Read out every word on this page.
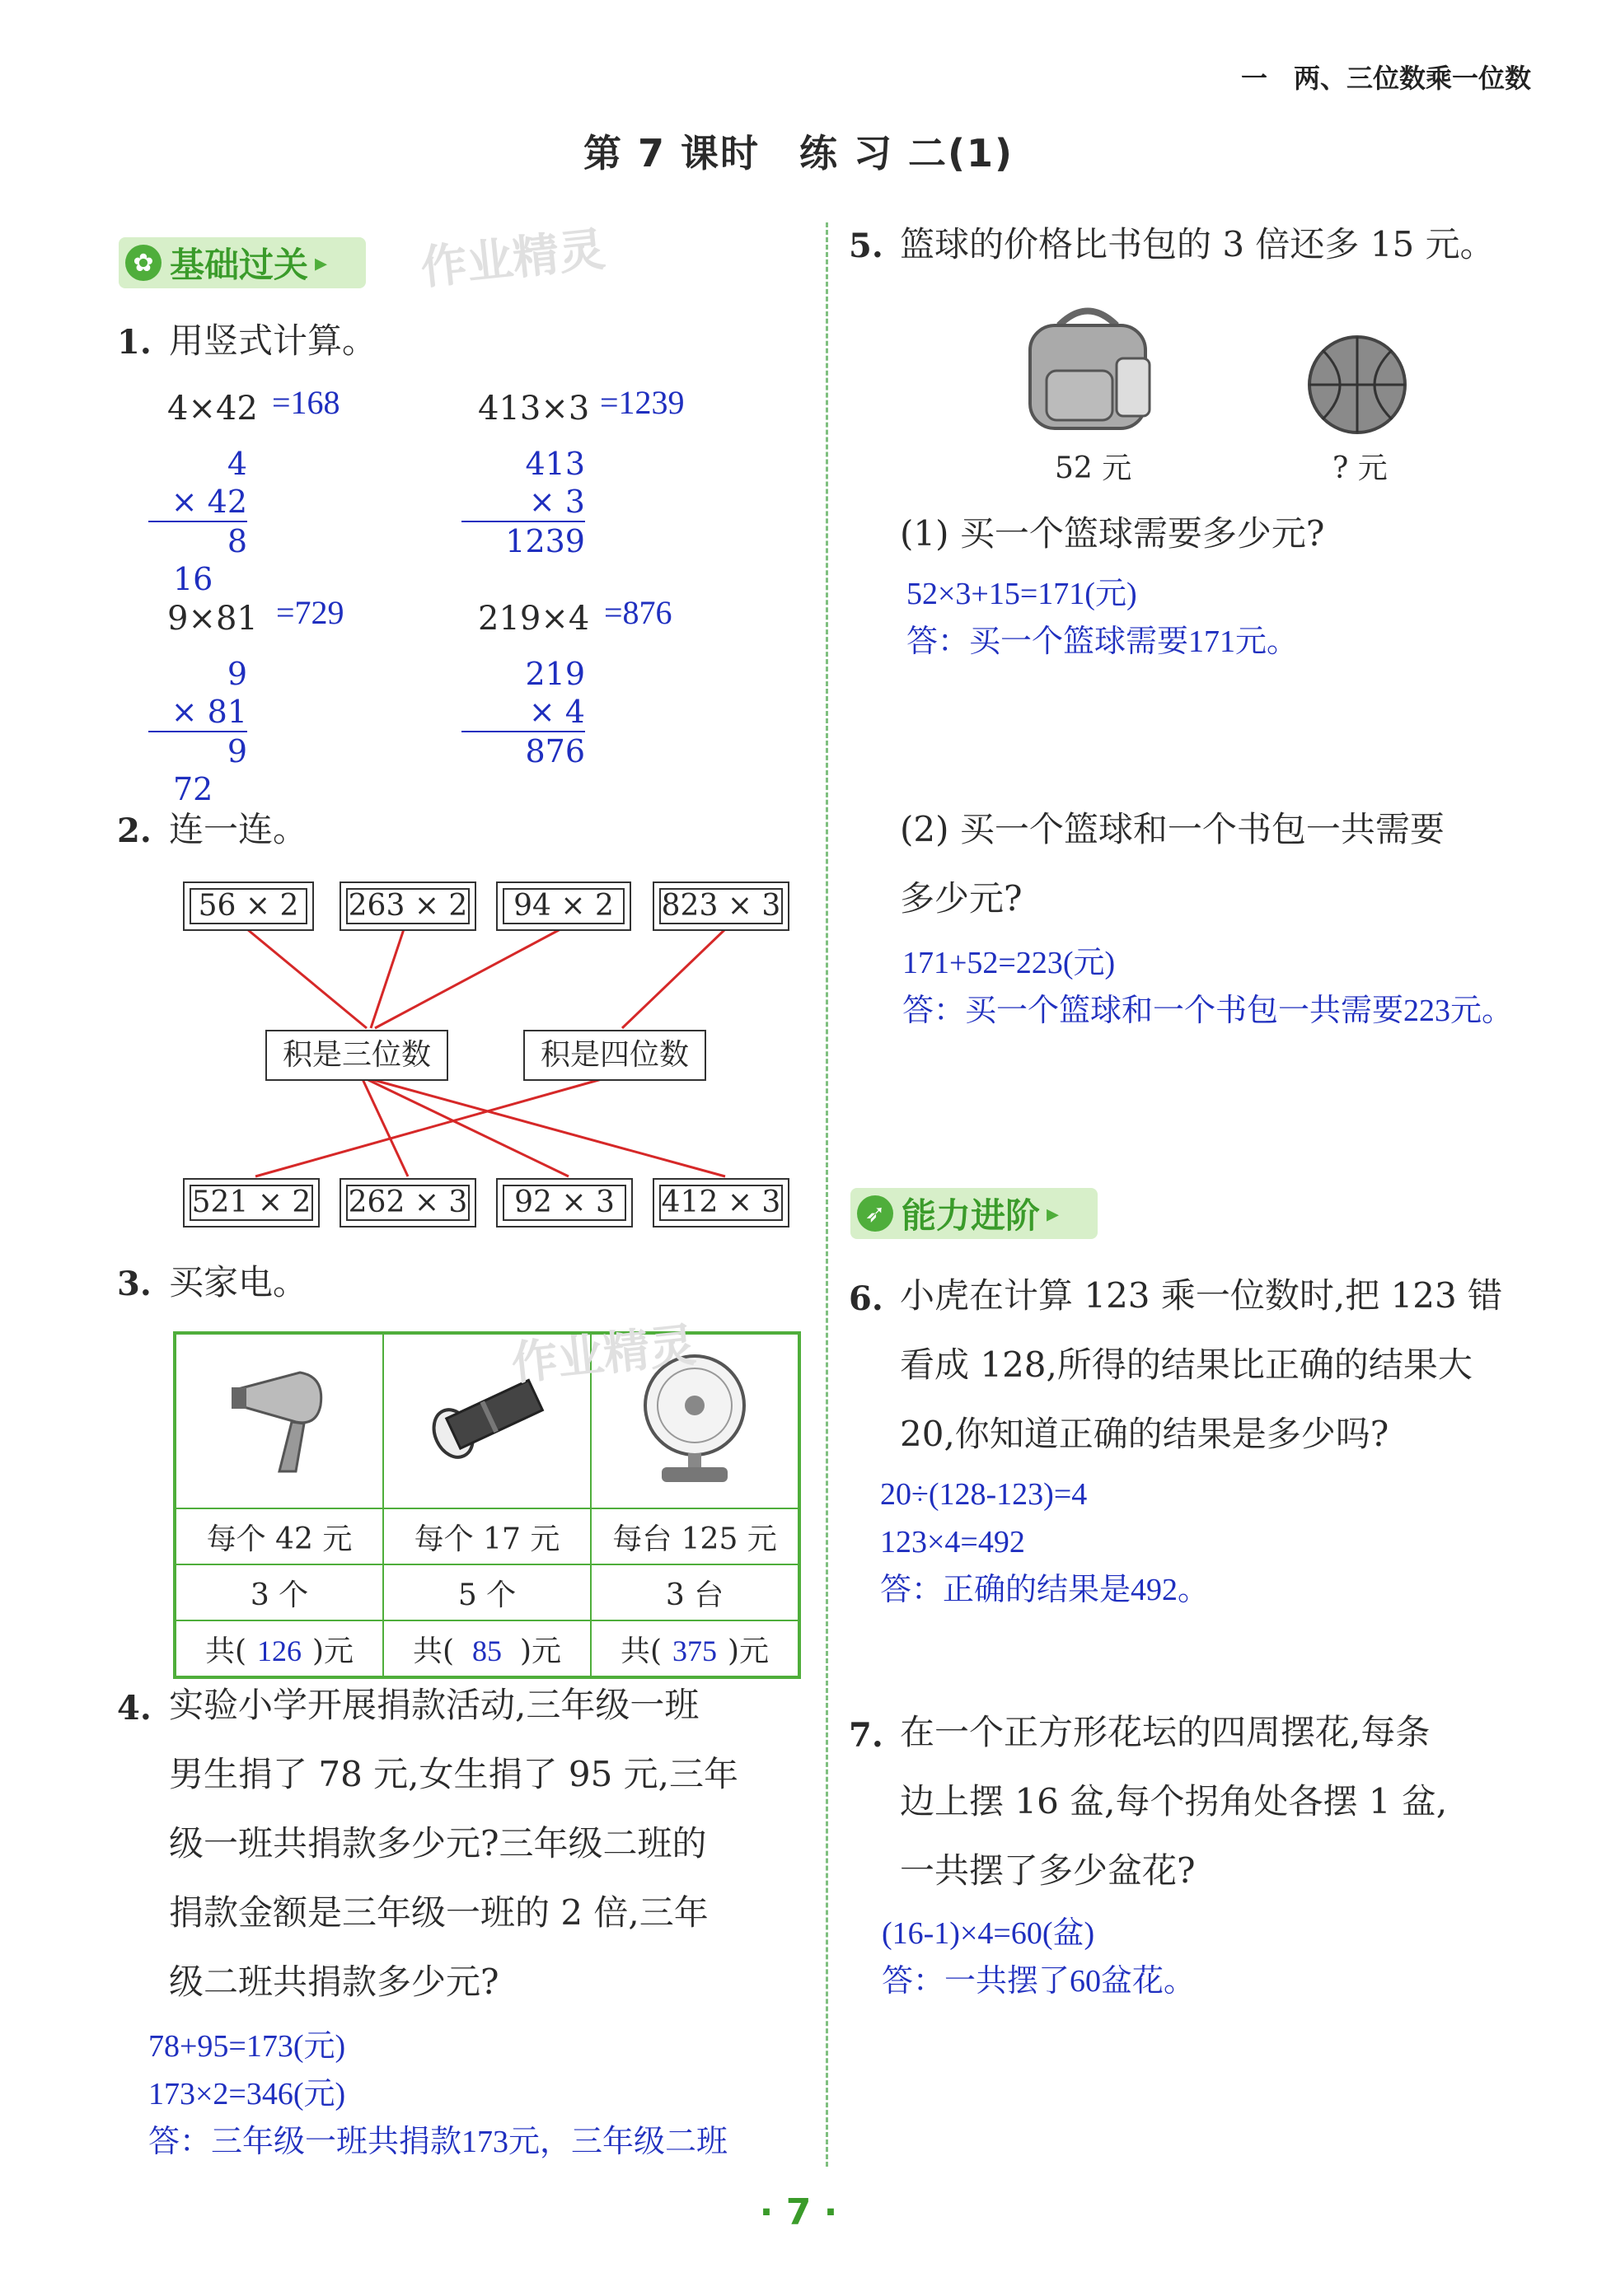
一　两、三位数乘一位数
第 7 课时　练 习 二(1)
✿ 基础过关 ▸ 作业精灵
1. 用竖式计算。
4×42 =168
4
× 42
8
16
413×3 =1239
413
× 3
1239
9×81 =729
9
× 81
9
72
219×4 =876
219
× 4
876
2. 连一连。
56 × 2	263 × 2	94 × 2	823 × 3
积是三位数	积是四位数
521 × 2 262 × 3	92 × 3	412 × 3
3. 买家电。

每个 42 元	每个 17 元	每台 125 元
3 个	5 个	3 台
共( 126 )元	共( 85 )元	共( 375 )元
作业精灵
4. 实验小学开展捐款活动,三年级一班
男生捐了 78 元,女生捐了 95 元,三年
级一班共捐款多少元?三年级二班的
捐款金额是三年级一班的 2 倍,三年
级二班共捐款多少元?
78+95=173(元)
173×2=346(元)
答：三年级一班共捐款173元，三年级二班
5. 篮球的价格比书包的 3 倍还多 15 元。
52 元	? 元
(1) 买一个篮球需要多少元?
52×3+15=171(元)
答：买一个篮球需要171元。
(2) 买一个篮球和一个书包一共需要
多少元?
171+52=223(元)
答：买一个篮球和一个书包一共需要223元。
➶ 能力进阶 ▸
6. 小虎在计算 123 乘一位数时,把 123 错
看成 128,所得的结果比正确的结果大
20,你知道正确的结果是多少吗?
20÷(128-123)=4
123×4=492
答：正确的结果是492。
7. 在一个正方形花坛的四周摆花,每条
边上摆 16 盆,每个拐角处各摆 1 盆,
一共摆了多少盆花?
(16-1)×4=60(盆)
答：一共摆了60盆花。
· 7 ·
